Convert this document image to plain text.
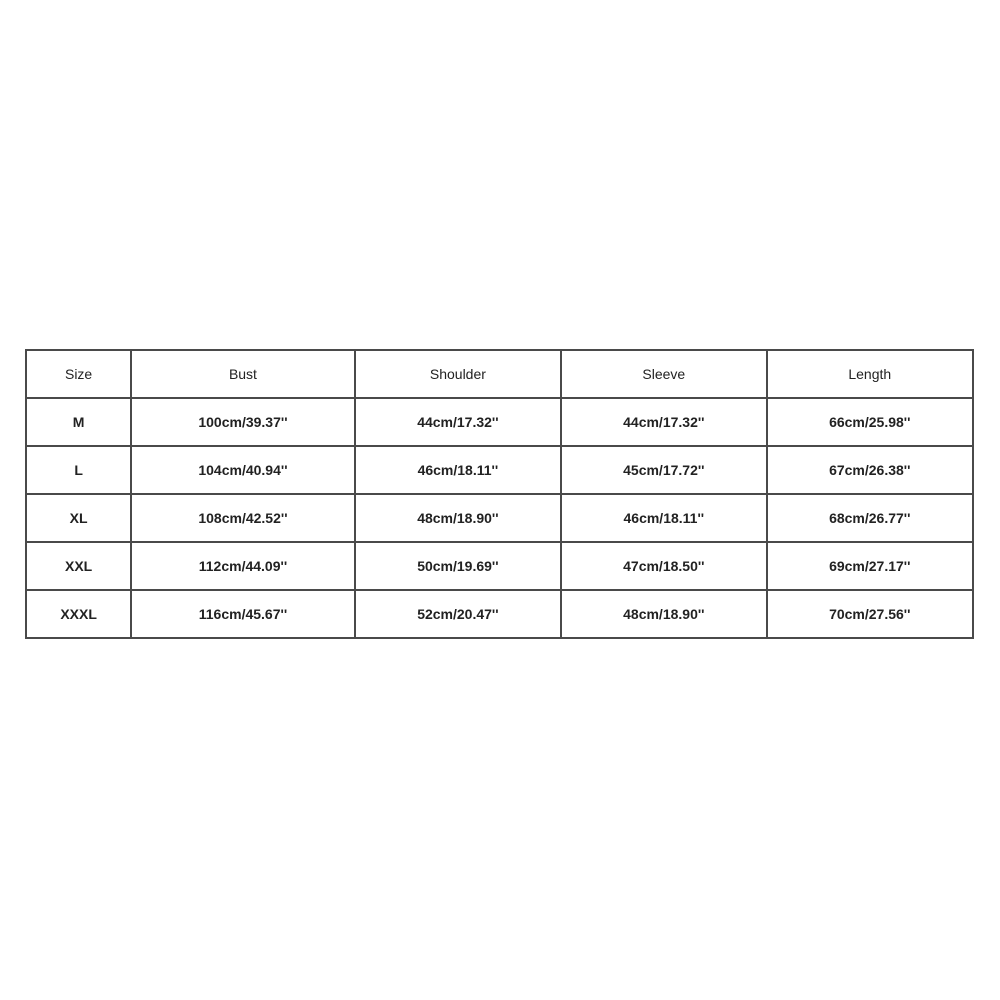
Size	Bust	Shoulder	Sleeve	Length
M	100cm/39.37''	44cm/17.32''	44cm/17.32''	66cm/25.98''
L	104cm/40.94''	46cm/18.11''	45cm/17.72''	67cm/26.38''
XL	108cm/42.52''	48cm/18.90''	46cm/18.11''	68cm/26.77''
XXL	112cm/44.09''	50cm/19.69''	47cm/18.50''	69cm/27.17''
XXXL	116cm/45.67''	52cm/20.47''	48cm/18.90''	70cm/27.56''
